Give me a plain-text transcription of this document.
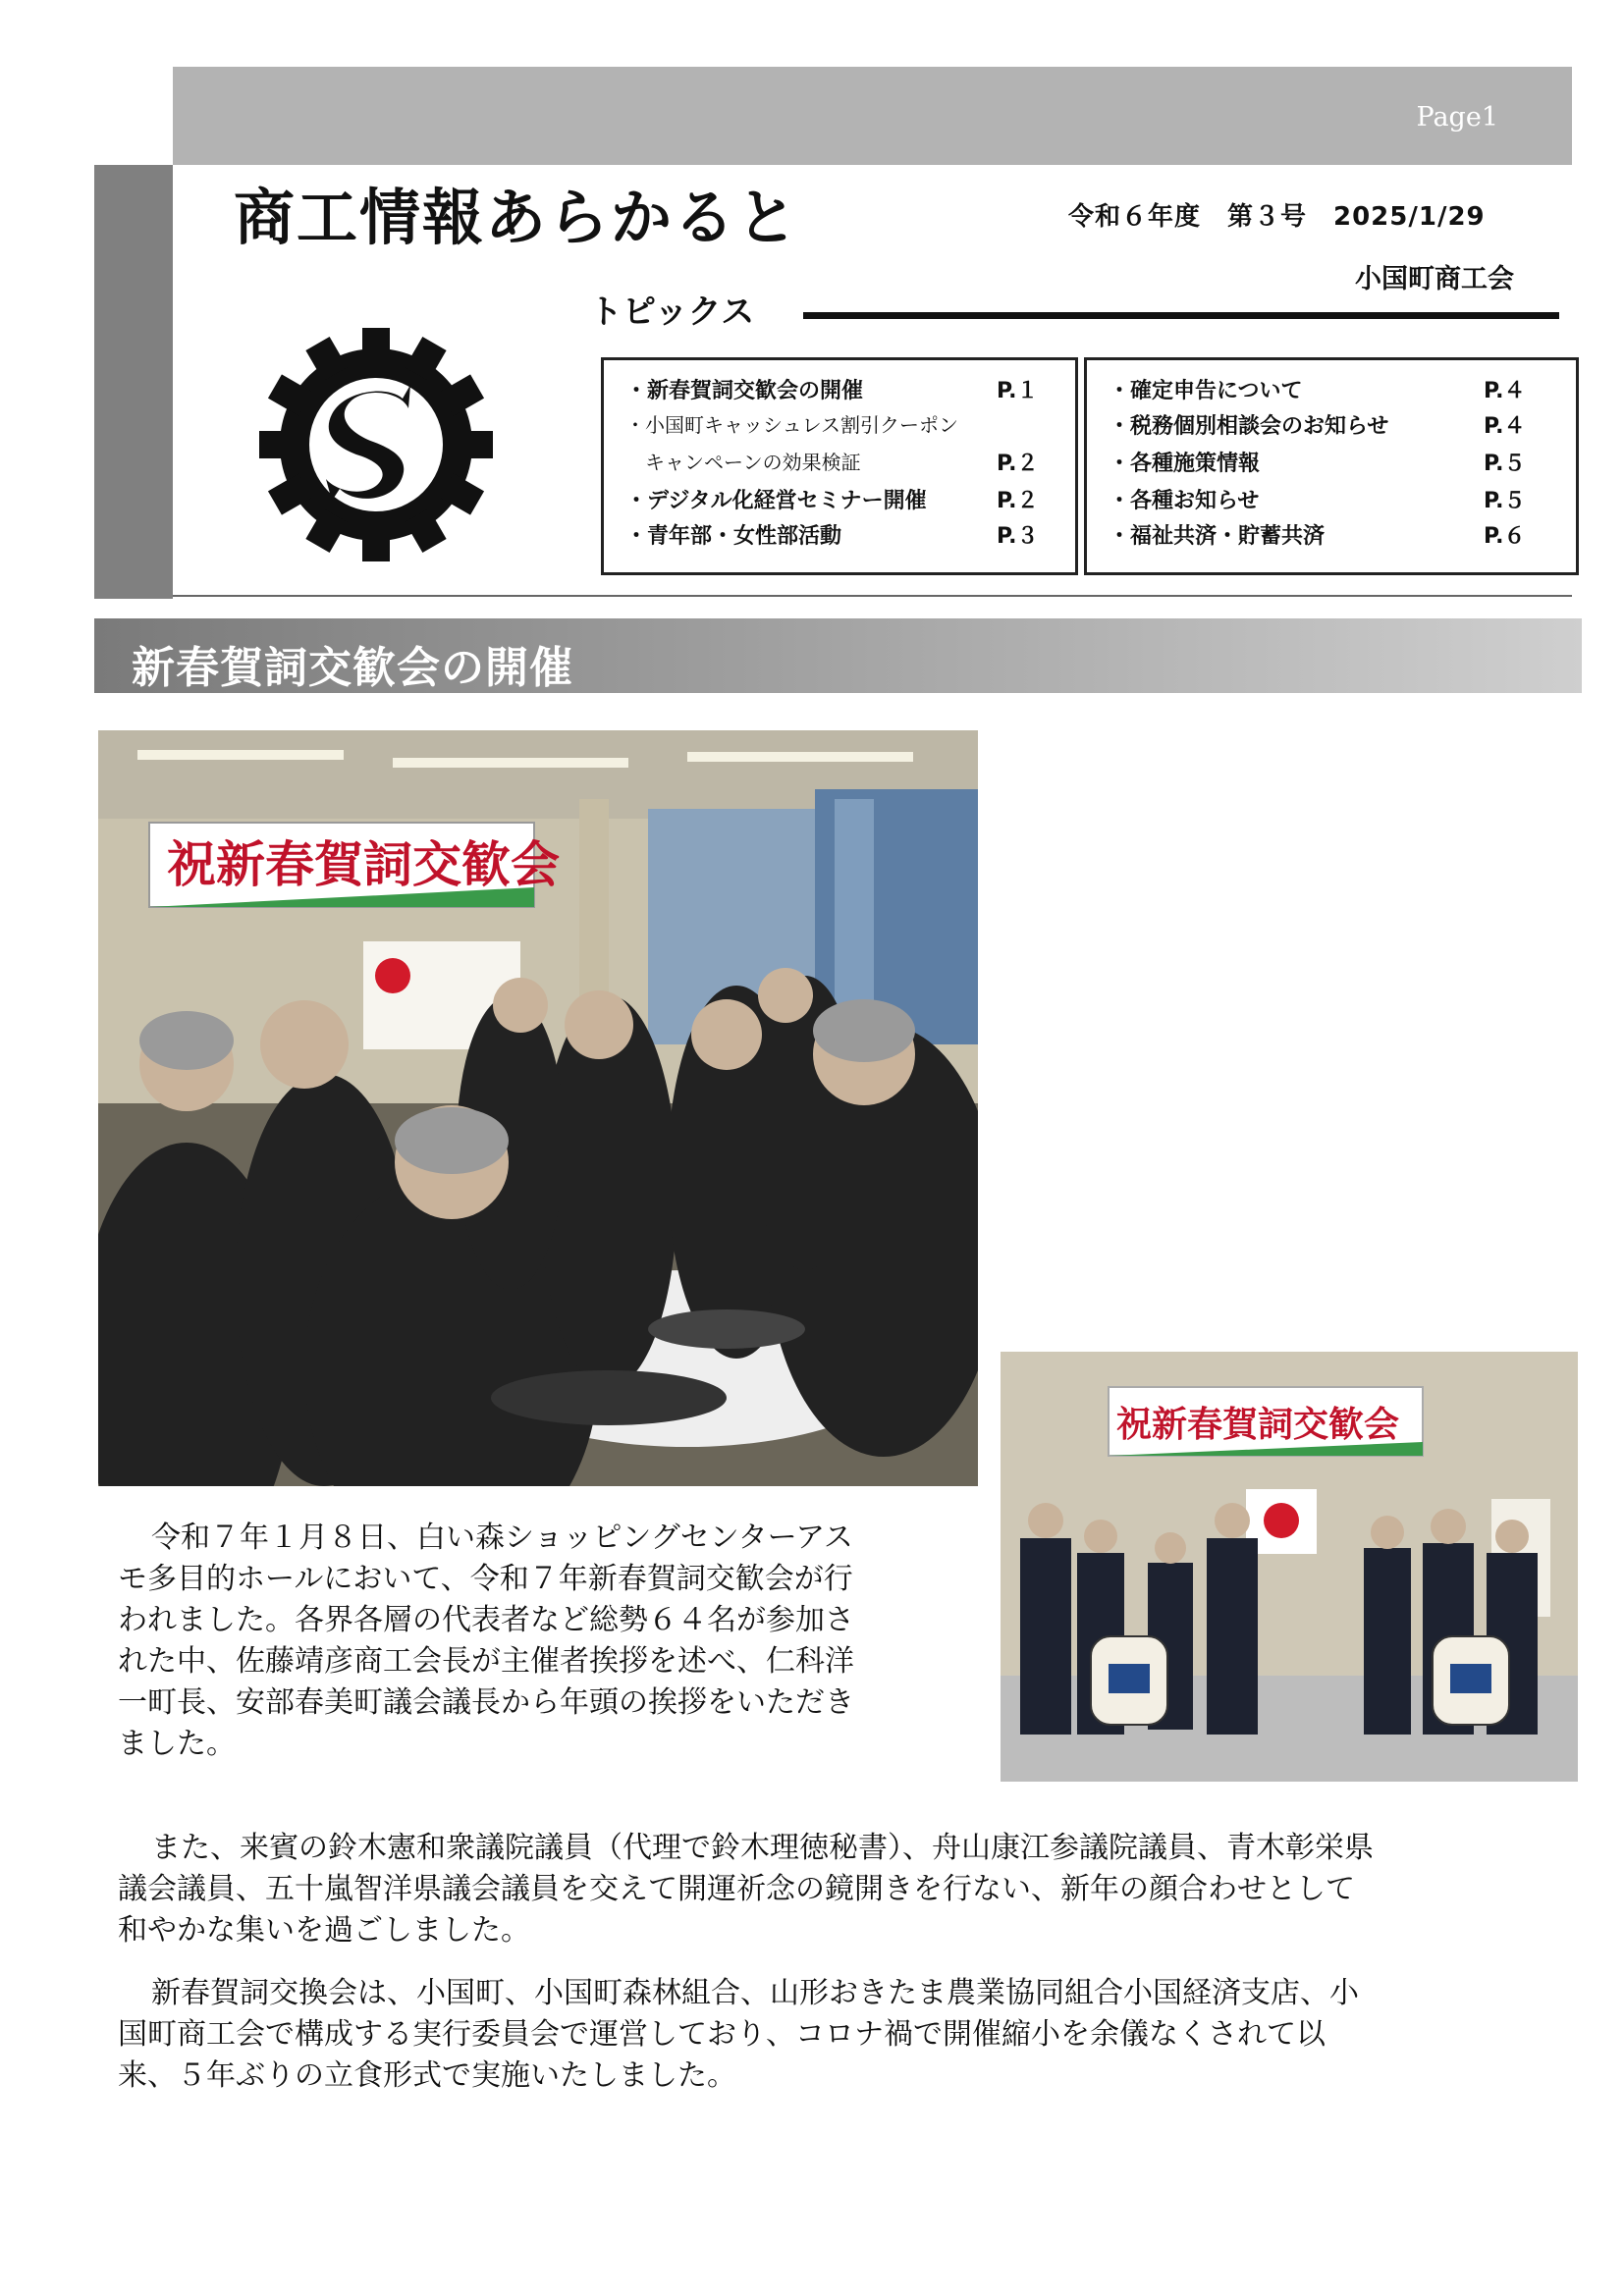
Page1
商工情報あらかると	令和６年度　第３号　2025/1/29
小国町商工会
トピックス
・新春賀詞交歓会の開催	P.１
・小国町キャッシュレス割引クーポン
　キャンペーンの効果検証	P.２
・デジタル化経営セミナー開催	P.２
・青年部・女性部活動	P.３
・確定申告について	P.４
・税務個別相談会のお知らせ	P.４
・各種施策情報	P.５
・各種お知らせ	P.５
・福祉共済・貯蓄共済	P.６
新春賀詞交歓会の開催
祝新春賀詞交歓会
祝新春賀詞交歓会
令和７年１月８日、白い森ショッピングセンターアス
モ多目的ホールにおいて、令和７年新春賀詞交歓会が行
われました。各界各層の代表者など総勢６４名が参加さ
れた中、佐藤靖彦商工会長が主催者挨拶を述べ、仁科洋
一町長、安部春美町議会議長から年頭の挨拶をいただき
ました。
また、来賓の鈴木憲和衆議院議員（代理で鈴木理徳秘書）、舟山康江参議院議員、青木彰栄県
議会議員、五十嵐智洋県議会議員を交えて開運祈念の鏡開きを行ない、新年の顔合わせとして
和やかな集いを過ごしました。
新春賀詞交換会は、小国町、小国町森林組合、山形おきたま農業協同組合小国経済支店、小
国町商工会で構成する実行委員会で運営しており、コロナ禍で開催縮小を余儀なくされて以
来、５年ぶりの立食形式で実施いたしました。
